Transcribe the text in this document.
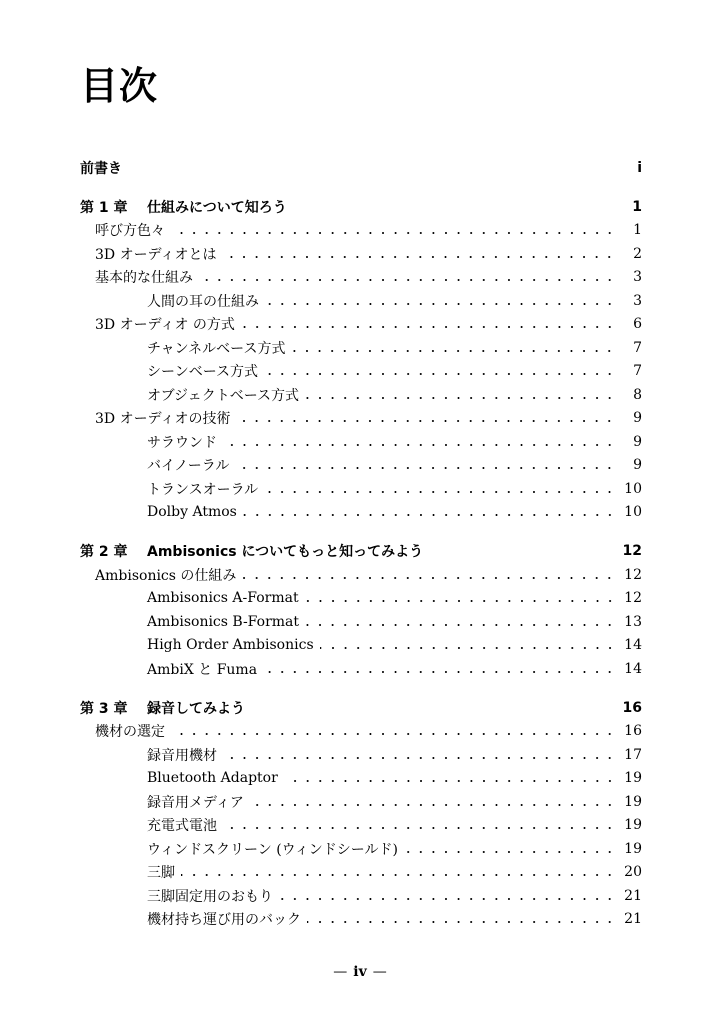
目次
前書き	i
第 1 章	仕組みについて知ろう	1
呼び方色々	1
3D オーディオとは	2
基本的な仕組み	3
人間の耳の仕組み	3
3D オーディオ の方式	6
チャンネルベース方式	7
シーンベース方式	7
オブジェクトベース方式	8
3D オーディオの技術	9
サラウンド	9
バイノーラル	9
トランスオーラル	10
Dolby Atmos	10
第 2 章	Ambisonics についてもっと知ってみよう	12
Ambisonics の仕組み	12
Ambisonics A-Format	12
Ambisonics B-Format	13
High Order Ambisonics	14
AmbiX と Fuma	14
第 3 章	録音してみよう	16
機材の選定	16
録音用機材	17
Bluetooth Adaptor	19
録音用メディア	19
充電式電池	19
ウィンドスクリーン (ウィンドシールド)	19
三脚	20
三脚固定用のおもり	21
機材持ち運び用のバック	21
— iv —
